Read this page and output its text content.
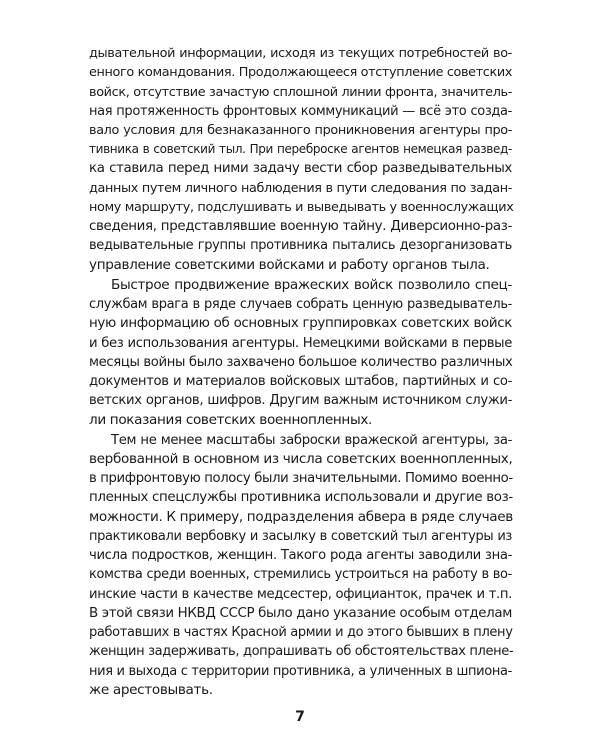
дывательной информации, исходя из текущих потребностей во-
енного командования. Продолжающееся отступление советских
войск, отсутствие зачастую сплошной линии фронта, значитель-
ная протяженность фронтовых коммуникаций — всё это созда-
вало условия для безнаказанного проникновения агентуры про-
тивника в советский тыл. При переброске агентов немецкая развед-
ка ставила перед ними задачу вести сбор разведывательных
данных путем личного наблюдения в пути следования по задан-
ному маршруту, подслушивать и выведывать у военнослужащих
сведения, представлявшие военную тайну. Диверсионно-раз-
ведывательные группы противника пытались дезорганизовать
управление советскими войсками и работу органов тыла.
Быстрое продвижение вражеских войск позволило спец-
службам врага в ряде случаев собрать ценную разведыватель-
ную информацию об основных группировках советских войск
и без использования агентуры. Немецкими войсками в первые
месяцы войны было захвачено большое количество различных
документов и материалов войсковых штабов, партийных и со-
ветских органов, шифров. Другим важным источником служи-
ли показания советских военнопленных.
Тем не менее масштабы заброски вражеской агентуры, за-
вербованной в основном из числа советских военнопленных,
в прифронтовую полосу были значительными. Помимо военно-
пленных спецслужбы противника использовали и другие воз-
можности. К примеру, подразделения абвера в ряде случаев
практиковали вербовку и засылку в советский тыл агентуры из
числа подростков, женщин. Такого рода агенты заводили зна-
комства среди военных, стремились устроиться на работу в во-
инские части в качестве медсестер, официанток, прачек и т.п.
В этой связи НКВД СССР было дано указание особым отделам
работавших в частях Красной армии и до этого бывших в плену
женщин задерживать, допрашивать об обстоятельствах плене-
ния и выхода с территории противника, а уличенных в шпиона-
же арестовывать.
7
